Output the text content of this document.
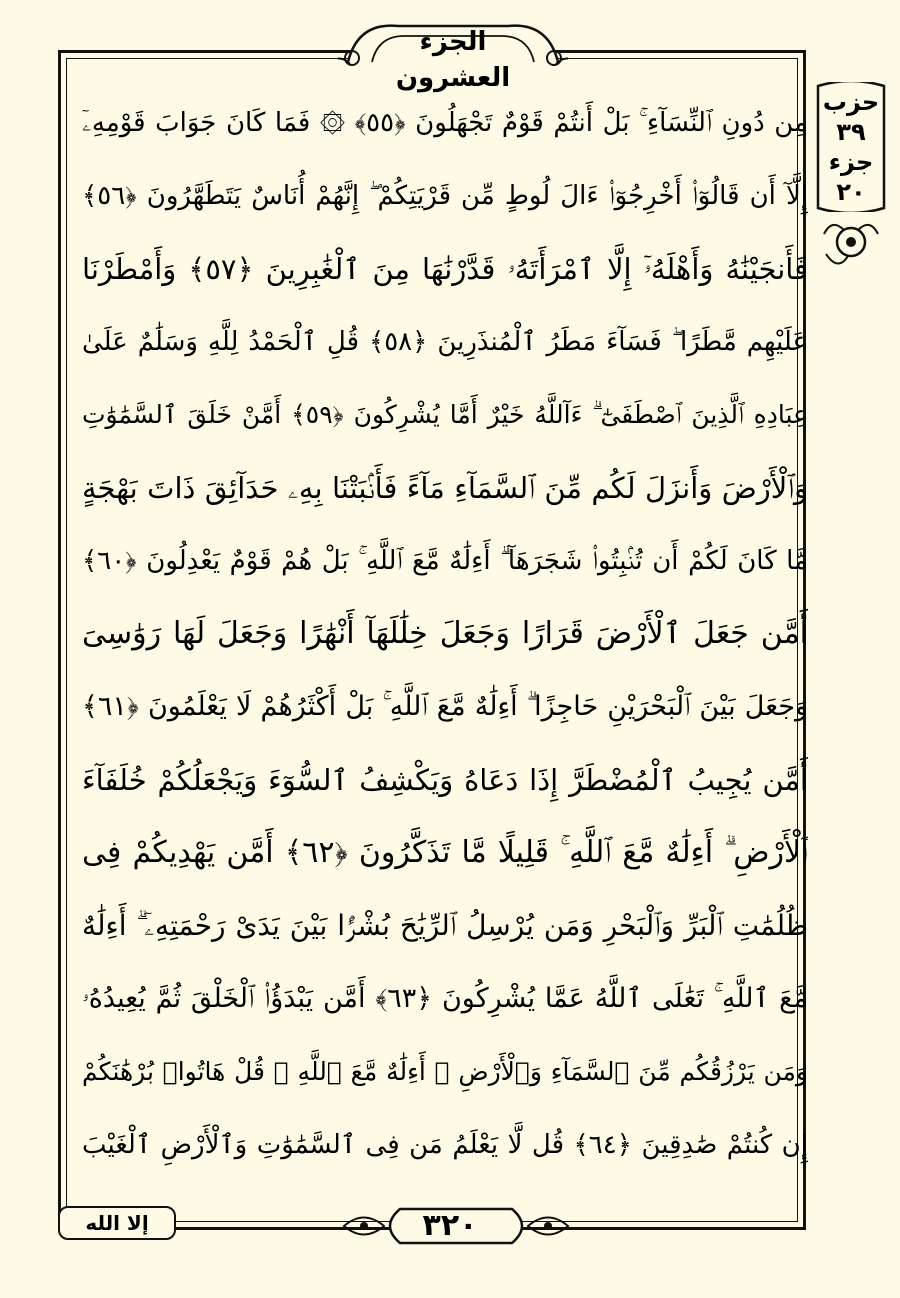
الجزء العشرون
حزب
٣٩
جزء
٢٠
مِن دُونِ ٱلنِّسَآءِ ۚ بَلْ أَنتُمْ قَوْمٌ تَجْهَلُونَ ﴿٥٥﴾ ۞ فَمَا كَانَ جَوَابَ قَوْمِهِۦٓ
إِلَّآ أَن قَالُوٓا۟ أَخْرِجُوٓا۟ ءَالَ لُوطٍ مِّن قَرْيَتِكُمْ ۖ إِنَّهُمْ أُنَاسٌ يَتَطَهَّرُونَ ﴿٥٦﴾
فَأَنجَيْنَٰهُ وَأَهْلَهُۥٓ إِلَّا ٱمْرَأَتَهُۥ قَدَّرْنَٰهَا مِنَ ٱلْغَٰبِرِينَ ﴿٥٧﴾ وَأَمْطَرْنَا
عَلَيْهِم مَّطَرًا ۖ فَسَآءَ مَطَرُ ٱلْمُنذَرِينَ ﴿٥٨﴾ قُلِ ٱلْحَمْدُ لِلَّهِ وَسَلَٰمٌ عَلَىٰ
عِبَادِهِ ٱلَّذِينَ ٱصْطَفَىٰٓ ۗ ءَآللَّهُ خَيْرٌ أَمَّا يُشْرِكُونَ ﴿٥٩﴾ أَمَّنْ خَلَقَ ٱلسَّمَٰوَٰتِ
وَٱلْأَرْضَ وَأَنزَلَ لَكُم مِّنَ ٱلسَّمَآءِ مَآءً فَأَنۢبَتْنَا بِهِۦ حَدَآئِقَ ذَاتَ بَهْجَةٍ
مَّا كَانَ لَكُمْ أَن تُنۢبِتُوا۟ شَجَرَهَآ ۗ أَءِلَٰهٌ مَّعَ ٱللَّهِ ۚ بَلْ هُمْ قَوْمٌ يَعْدِلُونَ ﴿٦٠﴾
أَمَّن جَعَلَ ٱلْأَرْضَ قَرَارًا وَجَعَلَ خِلَٰلَهَآ أَنْهَٰرًا وَجَعَلَ لَهَا رَوَٰسِىَ
وَجَعَلَ بَيْنَ ٱلْبَحْرَيْنِ حَاجِزًا ۗ أَءِلَٰهٌ مَّعَ ٱللَّهِ ۚ بَلْ أَكْثَرُهُمْ لَا يَعْلَمُونَ ﴿٦١﴾
أَمَّن يُجِيبُ ٱلْمُضْطَرَّ إِذَا دَعَاهُ وَيَكْشِفُ ٱلسُّوٓءَ وَيَجْعَلُكُمْ خُلَفَآءَ
ٱلْأَرْضِ ۗ أَءِلَٰهٌ مَّعَ ٱللَّهِ ۚ قَلِيلًا مَّا تَذَكَّرُونَ ﴿٦٢﴾ أَمَّن يَهْدِيكُمْ فِى
ظُلُمَٰتِ ٱلْبَرِّ وَٱلْبَحْرِ وَمَن يُرْسِلُ ٱلرِّيَٰحَ بُشْرًۢا بَيْنَ يَدَىْ رَحْمَتِهِۦٓ ۗ أَءِلَٰهٌ
مَّعَ ٱللَّهِ ۚ تَعَٰلَى ٱللَّهُ عَمَّا يُشْرِكُونَ ﴿٦٣﴾ أَمَّن يَبْدَؤُا۟ ٱلْخَلْقَ ثُمَّ يُعِيدُهُۥ
وَمَن يَرْزُقُكُم مِّنَ ٱلسَّمَآءِ وَٱلْأَرْضِ ۗ أَءِلَٰهٌ مَّعَ ٱللَّهِ ۚ قُلْ هَاتُوا۟ بُرْهَٰنَكُمْ
إِن كُنتُمْ صَٰدِقِينَ ﴿٦٤﴾ قُل لَّا يَعْلَمُ مَن فِى ٱلسَّمَٰوَٰتِ وَٱلْأَرْضِ ٱلْغَيْبَ
٣٢٠
إلا الله
